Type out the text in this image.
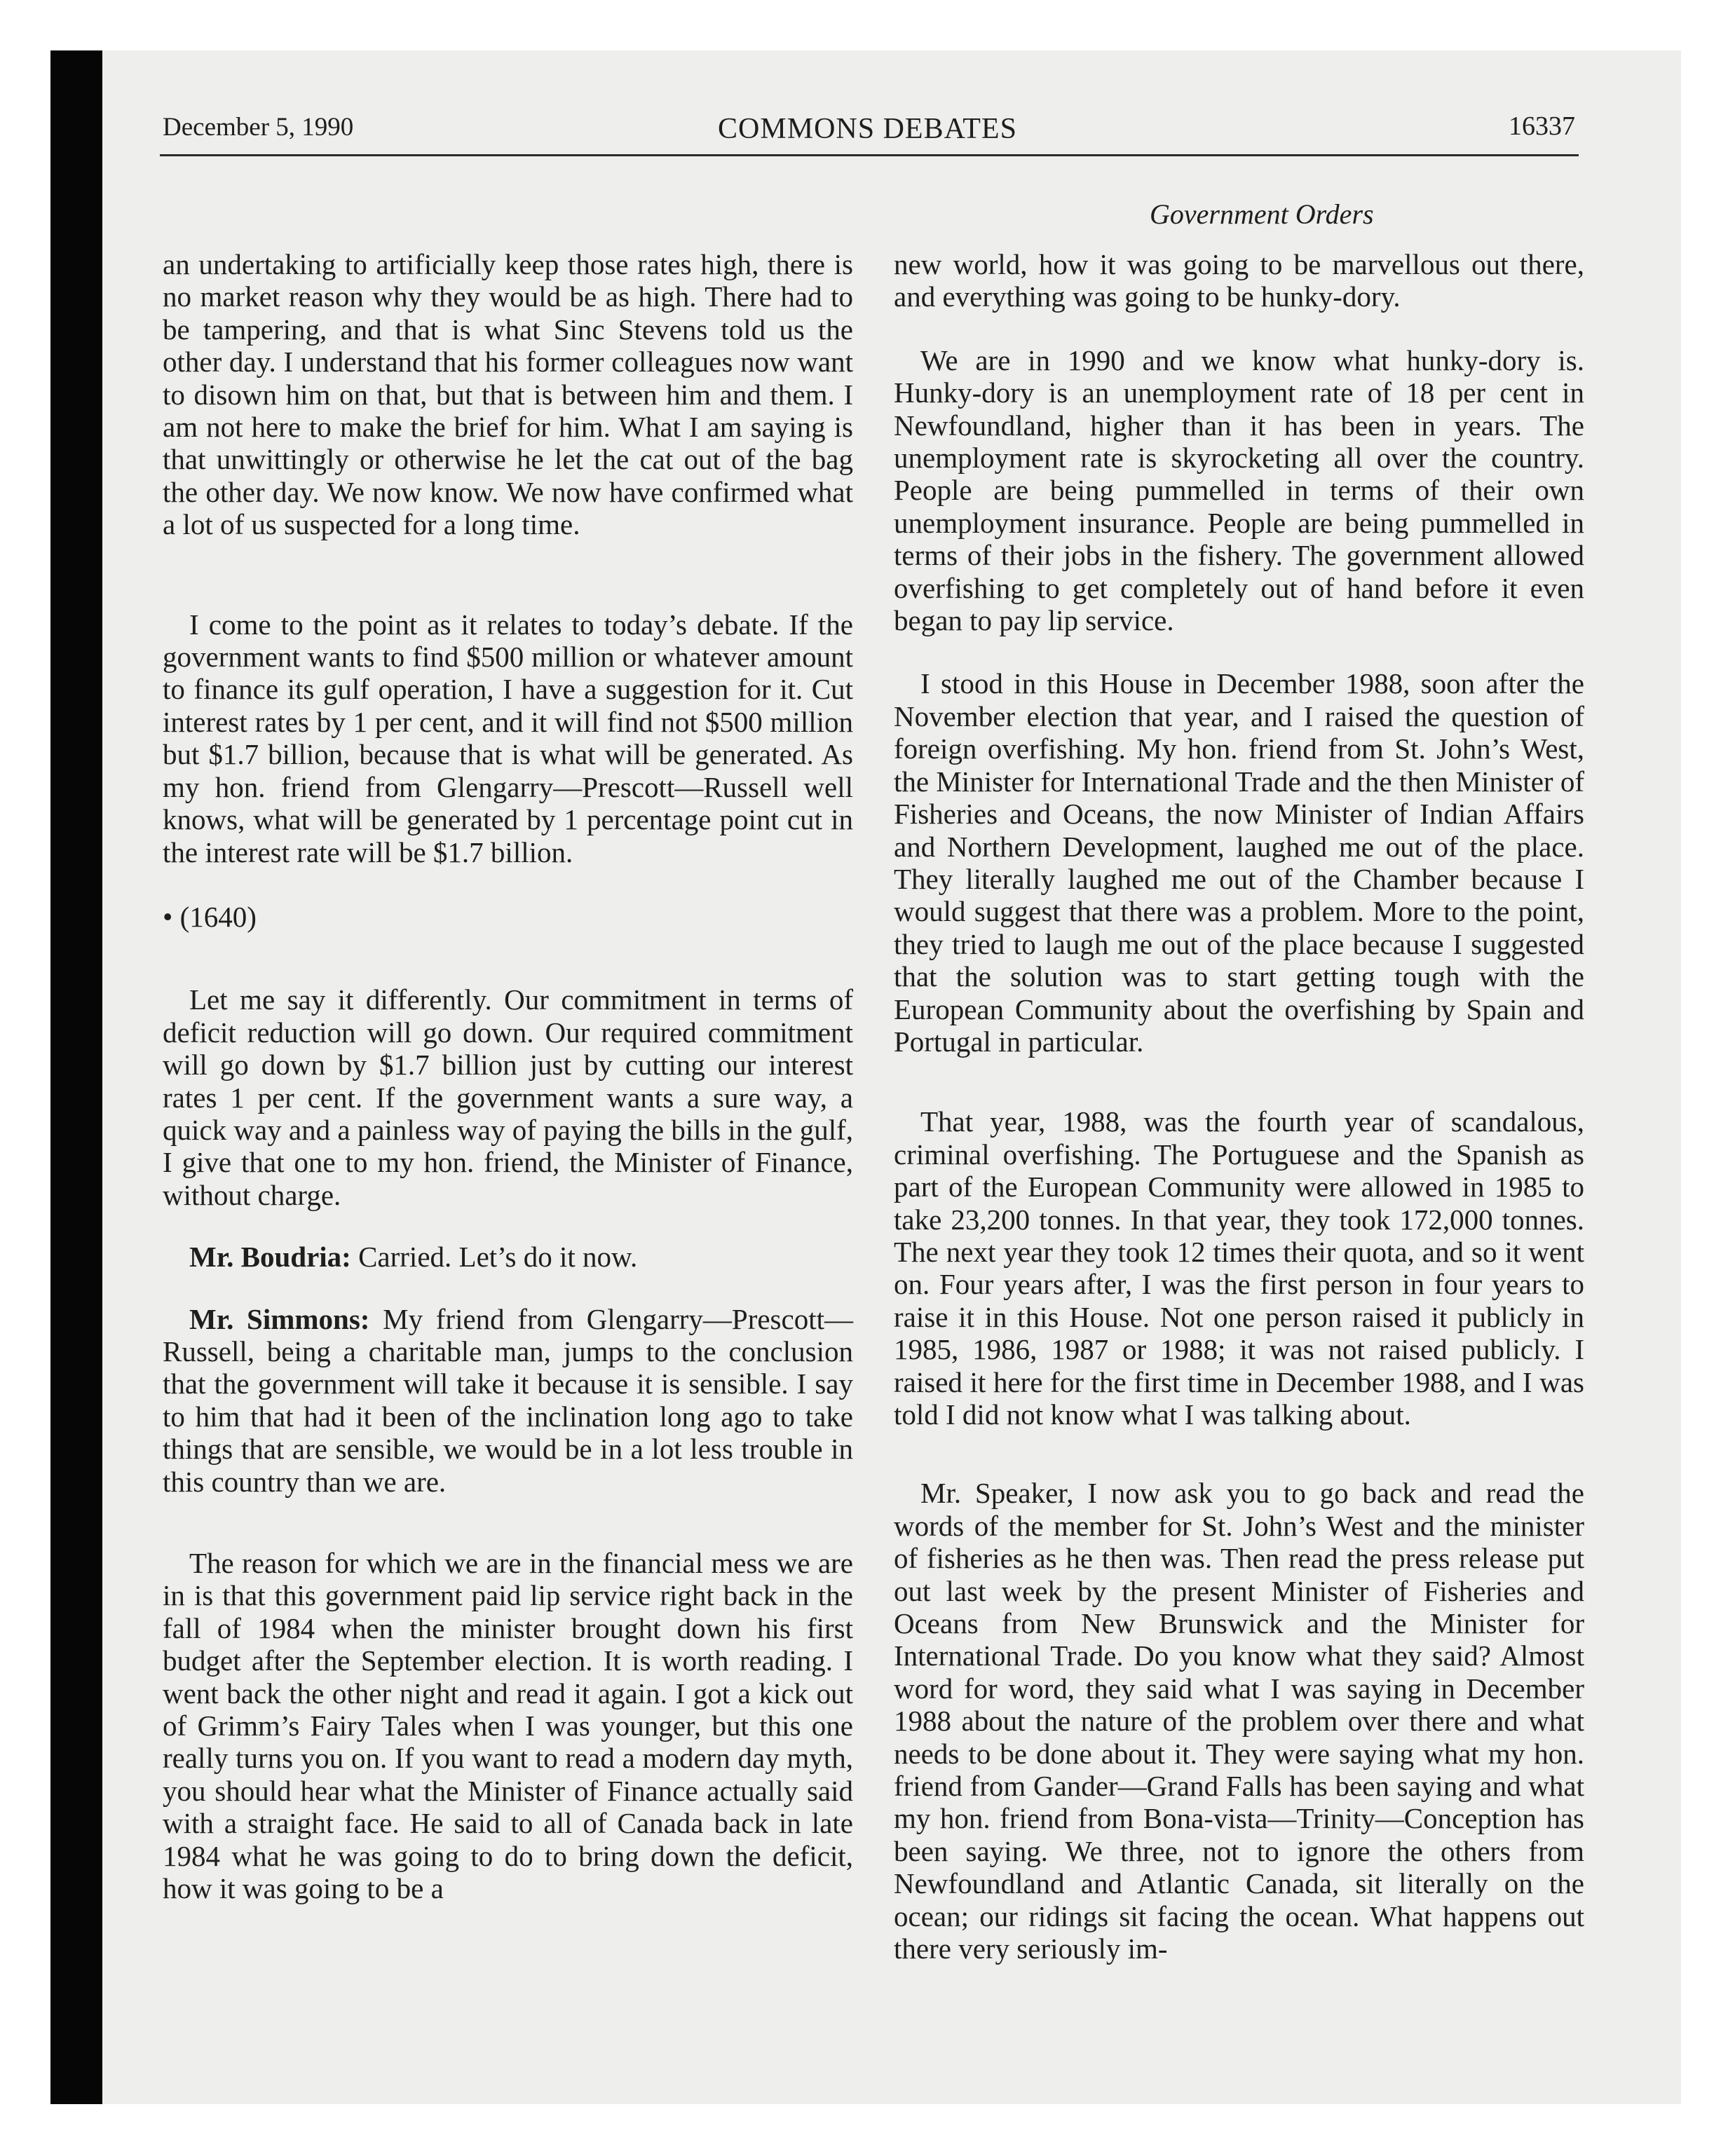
December 5, 1990	COMMONS DEBATES	16337
Government Orders

an undertaking to artificially keep those rates high, there is no market reason why they would be as high. There had to be tampering, and that is what Sinc Stevens told us the other day. I understand that his former colleagues now want to disown him on that, but that is between him and them. I am not here to make the brief for him. What I am saying is that unwittingly or otherwise he let the cat out of the bag the other day. We now know. We now have confirmed what a lot of us suspected for a long time.

I come to the point as it relates to today’s debate. If the government wants to find $500 million or whatever amount to finance its gulf operation, I have a suggestion for it. Cut interest rates by 1 per cent, and it will find not $500 million but $1.7 billion, because that is what will be generated. As my hon. friend from Glengarry—Prescott—Russell well knows, what will be generated by 1 percentage point cut in the interest rate will be $1.7 billion.

• (1640)

Let me say it differently. Our commitment in terms of deficit reduction will go down. Our required commitment will go down by $1.7 billion just by cutting our interest rates 1 per cent. If the government wants a sure way, a quick way and a painless way of paying the bills in the gulf, I give that one to my hon. friend, the Minister of Finance, without charge.

Mr. Boudria: Carried. Let’s do it now.

Mr. Simmons: My friend from Glengarry—Prescott—Russell, being a charitable man, jumps to the conclusion that the government will take it because it is sensible. I say to him that had it been of the inclination long ago to take things that are sensible, we would be in a lot less trouble in this country than we are.

The reason for which we are in the financial mess we are in is that this government paid lip service right back in the fall of 1984 when the minister brought down his first budget after the September election. It is worth reading. I went back the other night and read it again. I got a kick out of Grimm’s Fairy Tales when I was younger, but this one really turns you on. If you want to read a modern day myth, you should hear what the Minister of Finance actually said with a straight face. He said to all of Canada back in late 1984 what he was going to do to bring down the deficit, how it was going to be a

new world, how it was going to be marvellous out there, and everything was going to be hunky-dory.

We are in 1990 and we know what hunky-dory is. Hunky-dory is an unemployment rate of 18 per cent in Newfoundland, higher than it has been in years. The unemployment rate is skyrocketing all over the country. People are being pummelled in terms of their own unemployment insurance. People are being pummelled in terms of their jobs in the fishery. The government allowed overfishing to get completely out of hand before it even began to pay lip service.

I stood in this House in December 1988, soon after the November election that year, and I raised the question of foreign overfishing. My hon. friend from St. John’s West, the Minister for International Trade and the then Minister of Fisheries and Oceans, the now Minister of Indian Affairs and Northern Development, laughed me out of the place. They literally laughed me out of the Chamber because I would suggest that there was a problem. More to the point, they tried to laugh me out of the place because I suggested that the solution was to start getting tough with the European Community about the overfishing by Spain and Portugal in particular.

That year, 1988, was the fourth year of scandalous, criminal overfishing. The Portuguese and the Spanish as part of the European Community were allowed in 1985 to take 23,200 tonnes. In that year, they took 172,000 tonnes. The next year they took 12 times their quota, and so it went on. Four years after, I was the first person in four years to raise it in this House. Not one person raised it publicly in 1985, 1986, 1987 or 1988; it was not raised publicly. I raised it here for the first time in December 1988, and I was told I did not know what I was talking about.

Mr. Speaker, I now ask you to go back and read the words of the member for St. John’s West and the minister of fisheries as he then was. Then read the press release put out last week by the present Minister of Fisheries and Oceans from New Brunswick and the Minister for International Trade. Do you know what they said? Almost word for word, they said what I was saying in December 1988 about the nature of the problem over there and what needs to be done about it. They were saying what my hon. friend from Gander—Grand Falls has been saying and what my hon. friend from Bona-vista—Trinity—Conception has been saying. We three, not to ignore the others from Newfoundland and Atlantic Canada, sit literally on the ocean; our ridings sit facing the ocean. What happens out there very seriously im-
